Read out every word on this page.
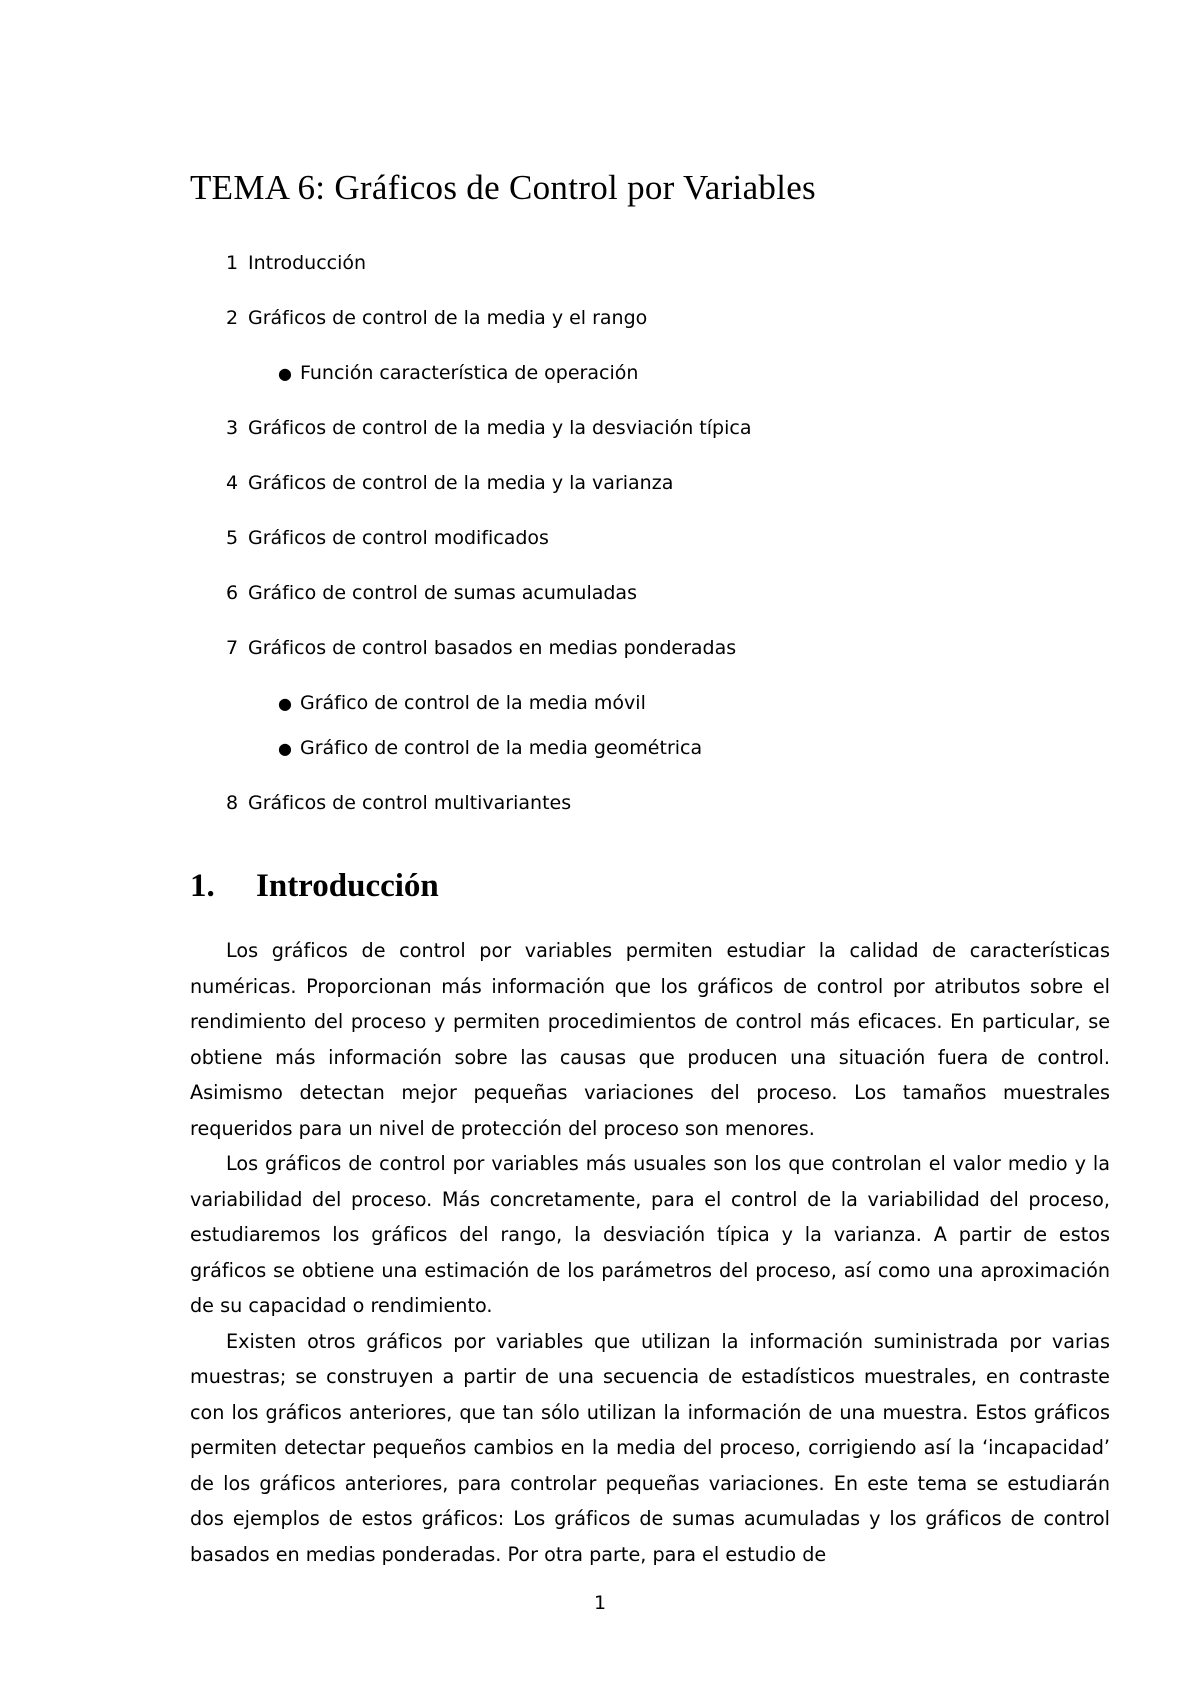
TEMA 6: Gráficos de Control por Variables
1 Introducción
2 Gráficos de control de la media y el rango
● Función característica de operación
3 Gráficos de control de la media y la desviación típica
4 Gráficos de control de la media y la varianza
5 Gráficos de control modificados
6 Gráfico de control de sumas acumuladas
7 Gráficos de control basados en medias ponderadas
● Gráfico de control de la media móvil
● Gráfico de control de la media geométrica
8 Gráficos de control multivariantes
1. Introducción

Los gráficos de control por variables permiten estudiar la calidad de características numéricas. Proporcionan más información que los gráficos de control por atributos sobre el rendimiento del proceso y permiten procedimientos de control más eficaces. En particular, se obtiene más información sobre las causas que producen una situación fuera de control. Asimismo detectan mejor pequeñas variaciones del proceso. Los tamaños muestrales requeridos para un nivel de protección del proceso son menores.

Los gráficos de control por variables más usuales son los que controlan el valor medio y la variabilidad del proceso. Más concretamente, para el control de la variabilidad del proceso, estudiaremos los gráficos del rango, la desviación típica y la varianza. A partir de estos gráficos se obtiene una estimación de los parámetros del proceso, así como una aproximación de su capacidad o rendimiento.

Existen otros gráficos por variables que utilizan la información suministrada por varias muestras; se construyen a partir de una secuencia de estadísticos muestrales, en contraste con los gráficos anteriores, que tan sólo utilizan la información de una muestra. Estos gráficos permiten detectar pequeños cambios en la media del proceso, corrigiendo así la ‘incapacidad’ de los gráficos anteriores, para controlar pequeñas variaciones. En este tema se estudiarán dos ejemplos de estos gráficos: Los gráficos de sumas acumuladas y los gráficos de control basados en medias ponderadas. Por otra parte, para el estudio de

1
